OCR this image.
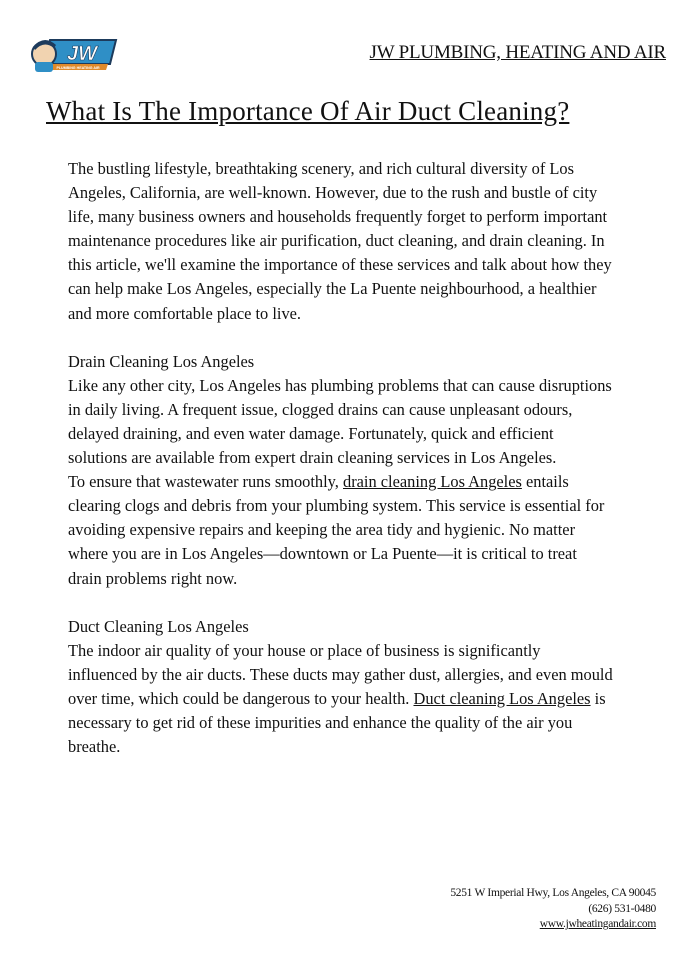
JW
PLUMBING HEATING AIR
JW PLUMBING, HEATING AND AIR
What Is The Importance Of Air Duct Cleaning?

The bustling lifestyle, breathtaking scenery, and rich cultural diversity of Los Angeles, California, are well-known. However, due to the rush and bustle of city life, many business owners and households frequently forget to perform important maintenance procedures like air purification, duct cleaning, and drain cleaning. In this article, we'll examine the importance of these services and talk about how they can help make Los Angeles, especially the La Puente neighbourhood, a healthier and more comfortable place to live.

Drain Cleaning Los Angeles

Like any other city, Los Angeles has plumbing problems that can cause disruptions in daily living. A frequent issue, clogged drains can cause unpleasant odours, delayed draining, and even water damage. Fortunately, quick and efficient solutions are available from expert drain cleaning services in Los Angeles.

To ensure that wastewater runs smoothly, drain cleaning Los Angeles entails clearing clogs and debris from your plumbing system. This service is essential for avoiding expensive repairs and keeping the area tidy and hygienic. No matter where you are in Los Angeles—downtown or La Puente—it is critical to treat drain problems right now.

Duct Cleaning Los Angeles

The indoor air quality of your house or place of business is significantly influenced by the air ducts. These ducts may gather dust, allergies, and even mould over time, which could be dangerous to your health. Duct cleaning Los Angeles is necessary to get rid of these impurities and enhance the quality of the air you breathe.

5251 W Imperial Hwy, Los Angeles, CA 90045
(626) 531-0480
www.jwheatingandair.com
